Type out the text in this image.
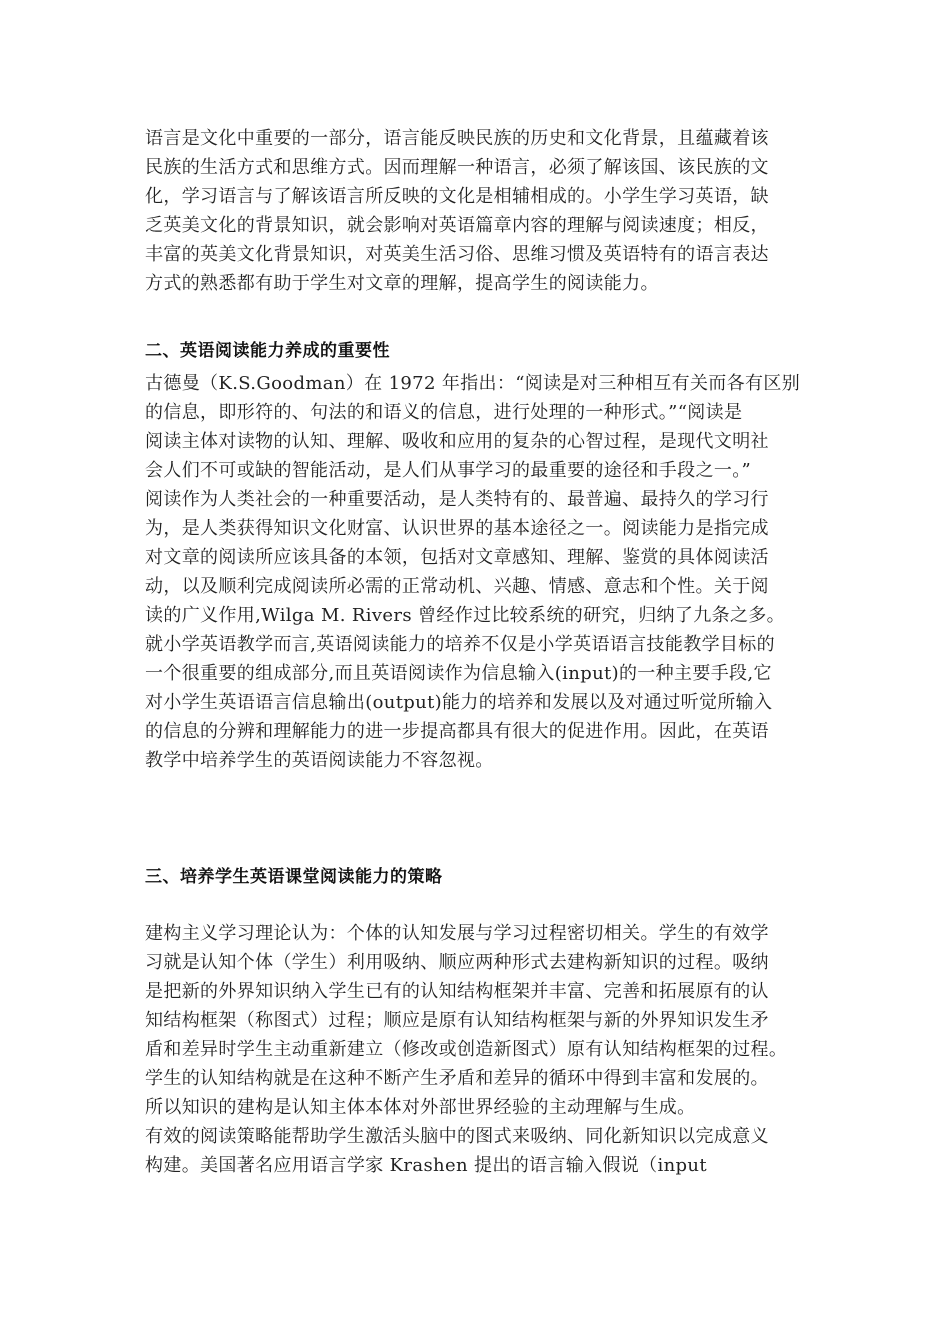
语言是文化中重要的一部分，语言能反映民族的历史和文化背景，且蕴藏着该
民族的生活方式和思维方式。因而理解一种语言，必须了解该国、该民族的文
化，学习语言与了解该语言所反映的文化是相辅相成的。小学生学习英语，缺
乏英美文化的背景知识，就会影响对英语篇章内容的理解与阅读速度；相反，
丰富的英美文化背景知识，对英美生活习俗、思维习惯及英语特有的语言表达
方式的熟悉都有助于学生对文章的理解，提高学生的阅读能力。
二、英语阅读能力养成的重要性
古德曼（K.S.Goodman）在 1972 年指出：“阅读是对三种相互有关而各有区别
的信息，即形符的、句法的和语义的信息，进行处理的一种形式。”“阅读是
阅读主体对读物的认知、理解、吸收和应用的复杂的心智过程，是现代文明社
会人们不可或缺的智能活动，是人们从事学习的最重要的途径和手段之一。”
阅读作为人类社会的一种重要活动，是人类特有的、最普遍、最持久的学习行
为，是人类获得知识文化财富、认识世界的基本途径之一。阅读能力是指完成
对文章的阅读所应该具备的本领，包括对文章感知、理解、鉴赏的具体阅读活
动，以及顺利完成阅读所必需的正常动机、兴趣、情感、意志和个性。关于阅
读的广义作用,Wilga M. Rivers 曾经作过比较系统的研究，归纳了九条之多。
就小学英语教学而言,英语阅读能力的培养不仅是小学英语语言技能教学目标的
一个很重要的组成部分,而且英语阅读作为信息输入(input)的一种主要手段,它
对小学生英语语言信息输出(output)能力的培养和发展以及对通过听觉所输入
的信息的分辨和理解能力的进一步提高都具有很大的促进作用。因此，在英语
教学中培养学生的英语阅读能力不容忽视。
三、培养学生英语课堂阅读能力的策略
建构主义学习理论认为：个体的认知发展与学习过程密切相关。学生的有效学
习就是认知个体（学生）利用吸纳、顺应两种形式去建构新知识的过程。吸纳
是把新的外界知识纳入学生已有的认知结构框架并丰富、完善和拓展原有的认
知结构框架（称图式）过程；顺应是原有认知结构框架与新的外界知识发生矛
盾和差异时学生主动重新建立（修改或创造新图式）原有认知结构框架的过程。
学生的认知结构就是在这种不断产生矛盾和差异的循环中得到丰富和发展的。
所以知识的建构是认知主体本体对外部世界经验的主动理解与生成。
有效的阅读策略能帮助学生激活头脑中的图式来吸纳、同化新知识以完成意义
构建。美国著名应用语言学家 Krashen 提出的语言输入假说（input
